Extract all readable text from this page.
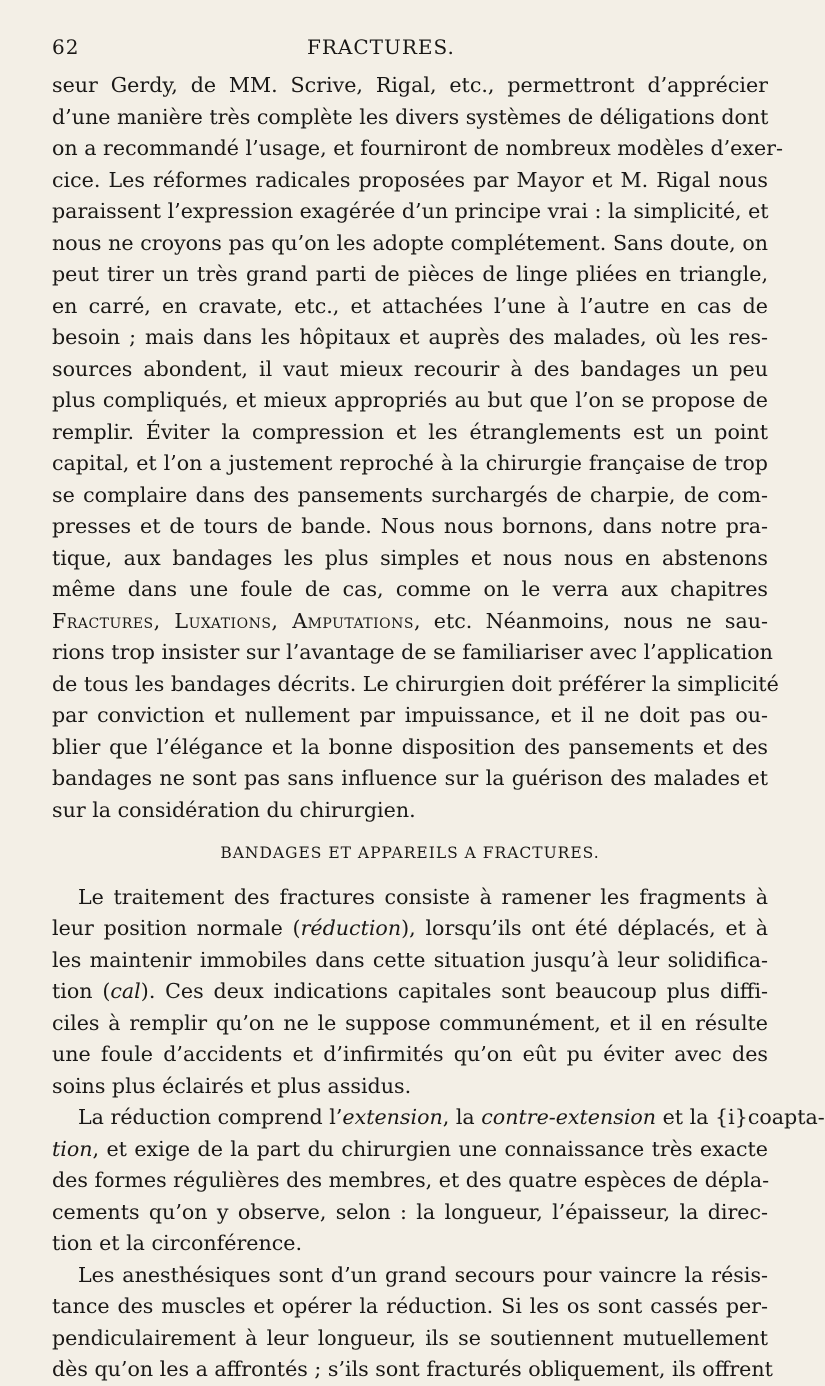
62	FRACTURES.
seur Gerdy, de MM. Scrive, Rigal, etc., permettront d’apprécier
d’une manière très complète les divers systèmes de déligations dont
on a recommandé l’usage, et fourniront de nombreux modèles d’exer-
cice. Les réformes radicales proposées par Mayor et M. Rigal nous
paraissent l’expression exagérée d’un principe vrai : la simplicité, et
nous ne croyons pas qu’on les adopte complétement. Sans doute, on
peut tirer un très grand parti de pièces de linge pliées en triangle,
en carré, en cravate, etc., et attachées l’une à l’autre en cas de
besoin ; mais dans les hôpitaux et auprès des malades, où les res-
sources abondent, il vaut mieux recourir à des bandages un peu
plus compliqués, et mieux appropriés au but que l’on se propose de
remplir. Éviter la compression et les étranglements est un point
capital, et l’on a justement reproché à la chirurgie française de trop
se complaire dans des pansements surchargés de charpie, de com-
presses et de tours de bande. Nous nous bornons, dans notre pra-
tique, aux bandages les plus simples et nous nous en abstenons
même dans une foule de cas, comme on le verra aux chapitres
Fractures, Luxations, Amputations, etc. Néanmoins, nous ne sau-
rions trop insister sur l’avantage de se familiariser avec l’application
de tous les bandages décrits. Le chirurgien doit préférer la simplicité
par conviction et nullement par impuissance, et il ne doit pas ou-
blier que l’élégance et la bonne disposition des pansements et des
bandages ne sont pas sans influence sur la guérison des malades et
sur la considération du chirurgien.
BANDAGES ET APPAREILS A FRACTURES.
Le traitement des fractures consiste à ramener les fragments à
leur position normale (réduction), lorsqu’ils ont été déplacés, et à
les maintenir immobiles dans cette situation jusqu’à leur solidifica-
tion (cal). Ces deux indications capitales sont beaucoup plus diffi-
ciles à remplir qu’on ne le suppose communément, et il en résulte
une foule d’accidents et d’infirmités qu’on eût pu éviter avec des
soins plus éclairés et plus assidus.
La réduction comprend l’extension, la contre-extension et la {i}coapta-
tion, et exige de la part du chirurgien une connaissance très exacte
des formes régulières des membres, et des quatre espèces de dépla-
cements qu’on y observe, selon : la longueur, l’épaisseur, la direc-
tion et la circonférence.
Les anesthésiques sont d’un grand secours pour vaincre la résis-
tance des muscles et opérer la réduction. Si les os sont cassés per-
pendiculairement à leur longueur, ils se soutiennent mutuellement
dès qu’on les a affrontés ; s’ils sont fracturés obliquement, ils offrent
